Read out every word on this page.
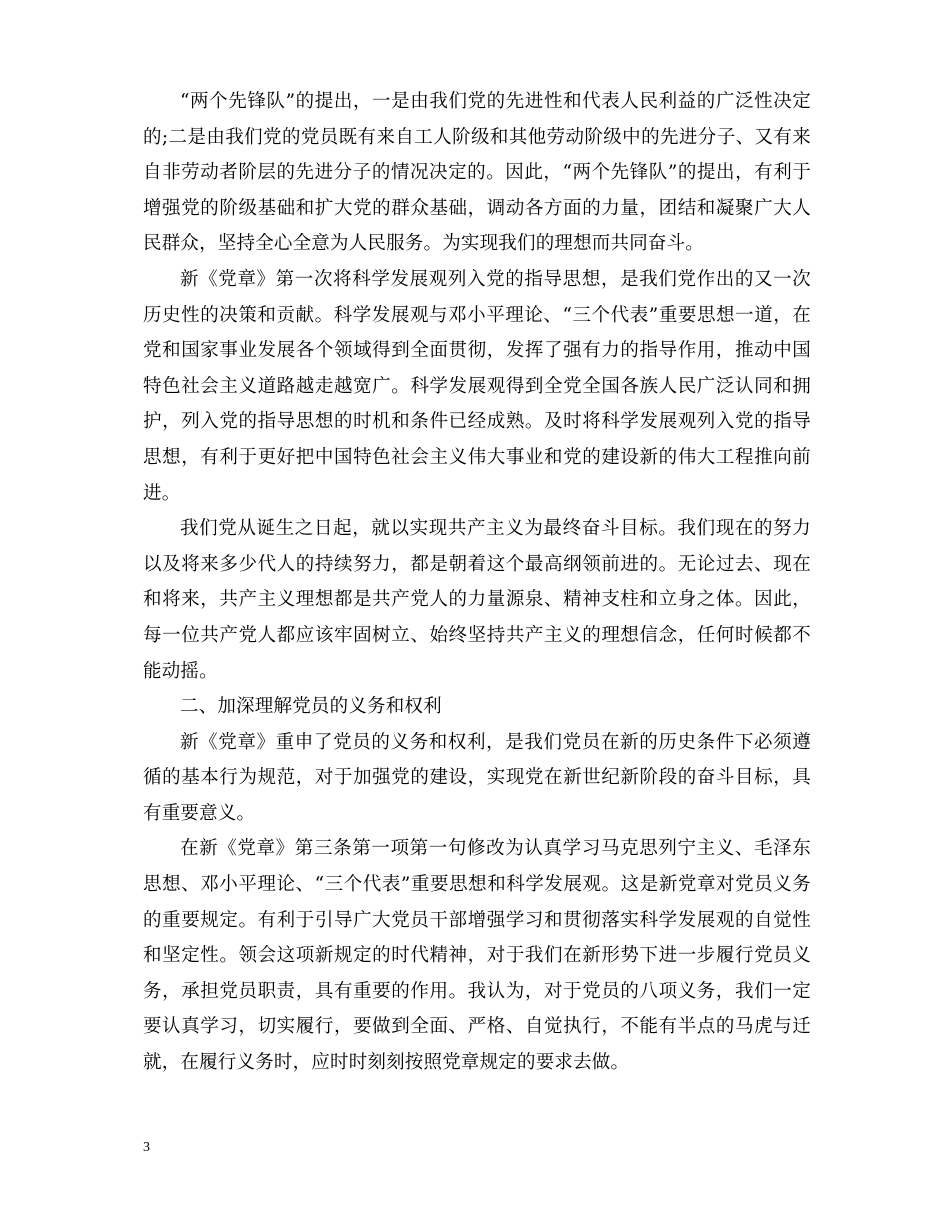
“两个先锋队”的提出，一是由我们党的先进性和代表人民利益的广泛性决定的;二是由我们党的党员既有来自工人阶级和其他劳动阶级中的先进分子、又有来自非劳动者阶层的先进分子的情况决定的。因此，“两个先锋队”的提出，有利于增强党的阶级基础和扩大党的群众基础，调动各方面的力量，团结和凝聚广大人民群众，坚持全心全意为人民服务。为实现我们的理想而共同奋斗。

新《党章》第一次将科学发展观列入党的指导思想，是我们党作出的又一次历史性的决策和贡献。科学发展观与邓小平理论、“三个代表”重要思想一道，在党和国家事业发展各个领域得到全面贯彻，发挥了强有力的指导作用，推动中国特色社会主义道路越走越宽广。科学发展观得到全党全国各族人民广泛认同和拥护，列入党的指导思想的时机和条件已经成熟。及时将科学发展观列入党的指导思想，有利于更好把中国特色社会主义伟大事业和党的建设新的伟大工程推向前进。

我们党从诞生之日起，就以实现共产主义为最终奋斗目标。我们现在的努力以及将来多少代人的持续努力，都是朝着这个最高纲领前进的。无论过去、现在和将来，共产主义理想都是共产党人的力量源泉、精神支柱和立身之体。因此，每一位共产党人都应该牢固树立、始终坚持共产主义的理想信念，任何时候都不能动摇。

二、加深理解党员的义务和权利

新《党章》重申了党员的义务和权利，是我们党员在新的历史条件下必须遵循的基本行为规范，对于加强党的建设，实现党在新世纪新阶段的奋斗目标，具有重要意义。

在新《党章》第三条第一项第一句修改为认真学习马克思列宁主义、毛泽东思想、邓小平理论、“三个代表”重要思想和科学发展观。这是新党章对党员义务的重要规定。有利于引导广大党员干部增强学习和贯彻落实科学发展观的自觉性和坚定性。领会这项新规定的时代精神，对于我们在新形势下进一步履行党员义务，承担党员职责，具有重要的作用。我认为，对于党员的八项义务，我们一定要认真学习，切实履行，要做到全面、严格、自觉执行，不能有半点的马虎与迁就，在履行义务时，应时时刻刻按照党章规定的要求去做。

3
